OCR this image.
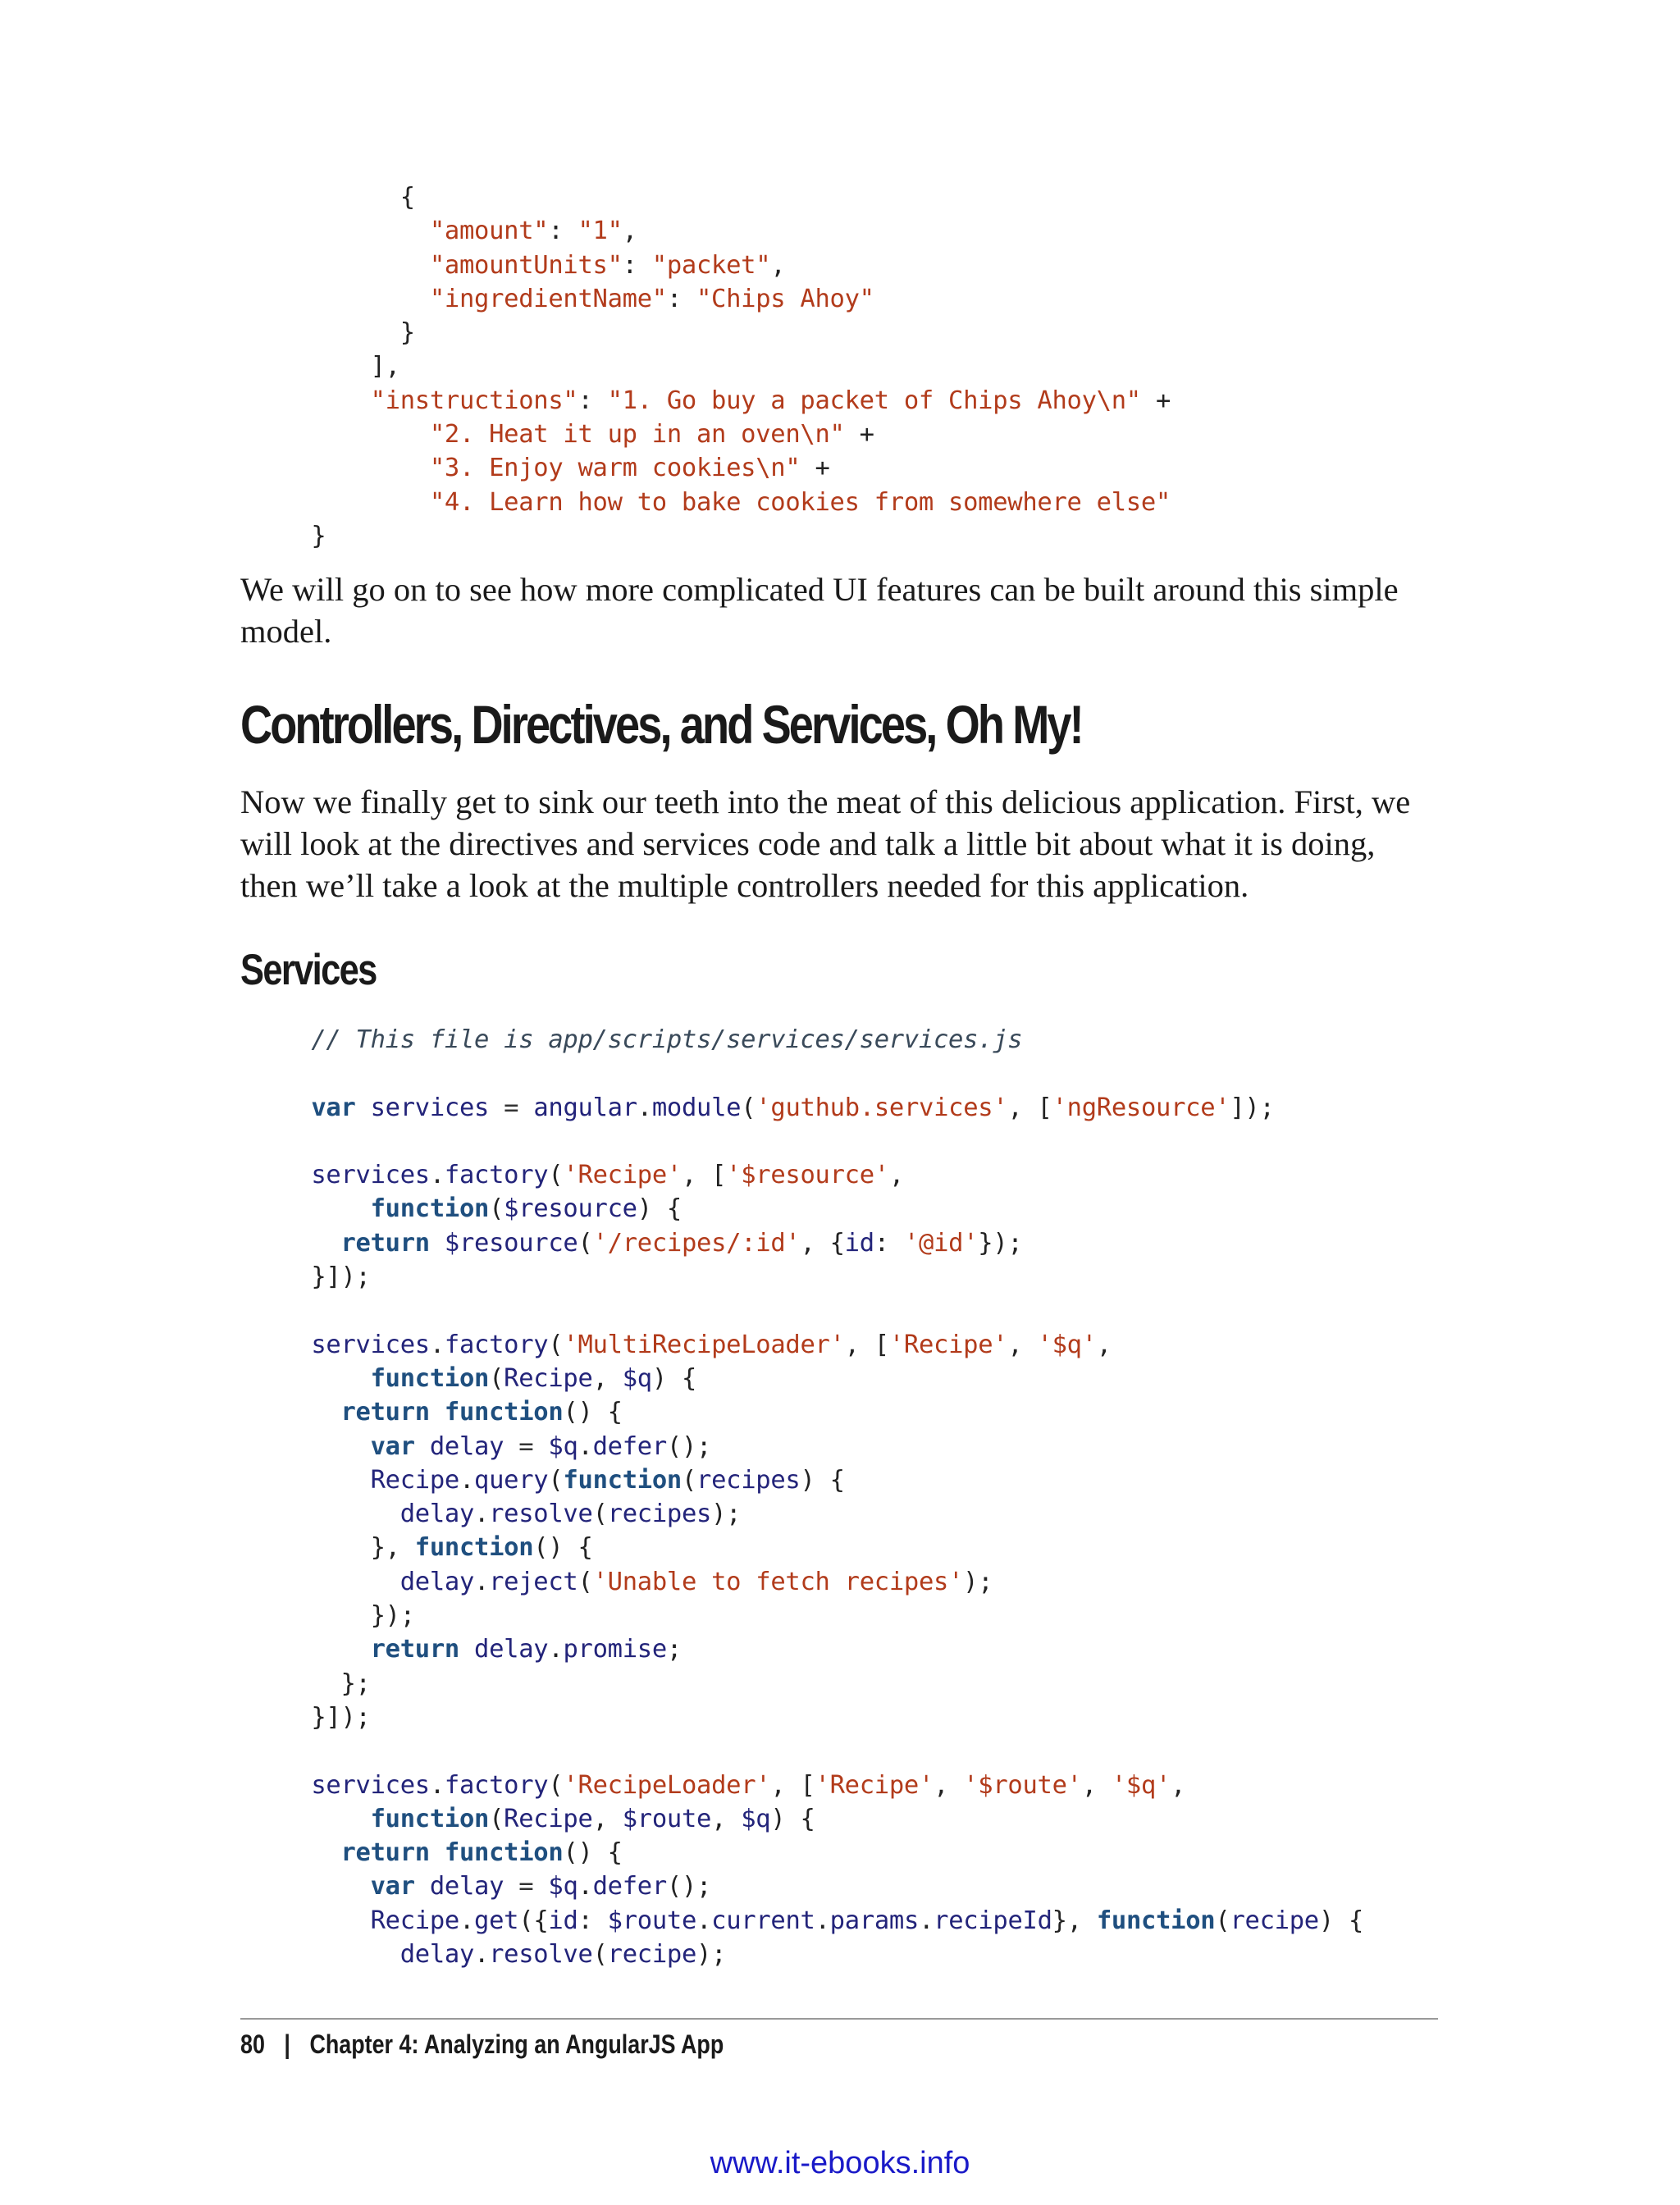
{
"amount": "1",
"amountUnits": "packet",
"ingredientName": "Chips Ahoy"
}
],
"instructions": "1. Go buy a packet of Chips Ahoy\n" +
"2. Heat it up in an oven\n" +
"3. Enjoy warm cookies\n" +
"4. Learn how to bake cookies from somewhere else"
}

We will go on to see how more complicated UI features can be built around this simple model.

Controllers, Directives, and Services, Oh My!

Now we finally get to sink our teeth into the meat of this delicious application. First, we will look at the directives and services code and talk a little bit about what it is doing, then we’ll take a look at the multiple controllers needed for this application.

Services
// This file is app/scripts/services/services.js

var services = angular.module('guthub.services', ['ngResource']);

services.factory('Recipe', ['$resource',
function($resource) {
return $resource('/recipes/:id', {id: '@id'});
}]);

services.factory('MultiRecipeLoader', ['Recipe', '$q',
function(Recipe, $q) {
return function() {
var delay = $q.defer();
Recipe.query(function(recipes) {
delay.resolve(recipes);
}, function() {
delay.reject('Unable to fetch recipes');
});
return delay.promise;
};
}]);

services.factory('RecipeLoader', ['Recipe', '$route', '$q',
function(Recipe, $route, $q) {
return function() {
var delay = $q.defer();
Recipe.get({id: $route.current.params.recipeId}, function(recipe) {
delay.resolve(recipe);
80 | Chapter 4: Analyzing an AngularJS App
www.it-ebooks.info
